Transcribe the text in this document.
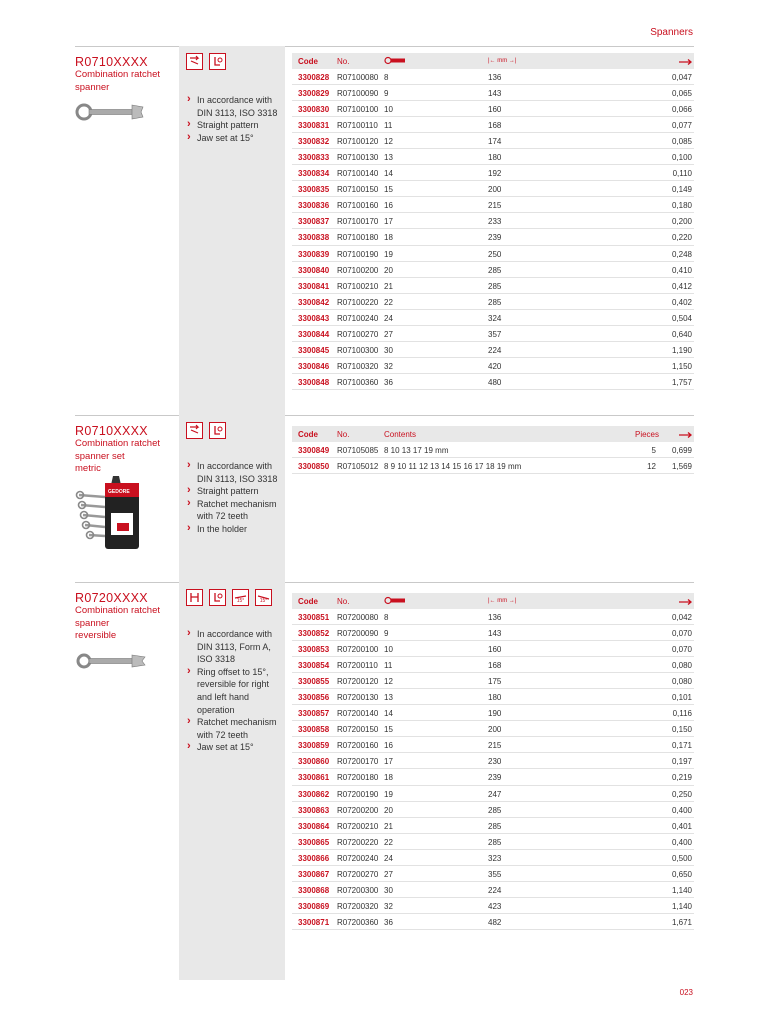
Spanners
› In accordance with DIN 3113, ISO 3318
› Straight pattern
› Jaw set at 15°
R0710XXXX
Combination ratchet
spanner
Code No.	|← mm →|
3300828 R07100080 8	136	0,047
3300829 R07100090 9	143	0,065
3300830 R07100100 10	160	0,066
3300831 R07100110 11	168	0,077
3300832 R07100120 12	174	0,085
3300833 R07100130 13	180	0,100
3300834 R07100140 14	192	0,110
3300835 R07100150 15	200	0,149
3300836 R07100160 16	215	0,180
3300837 R07100170 17	233	0,200
3300838 R07100180 18	239	0,220
3300839 R07100190 19	250	0,248
3300840 R07100200 20	285	0,410
3300841 R07100210 21	285	0,412
3300842 R07100220 22	285	0,402
3300843 R07100240 24	324	0,504
3300844 R07100270 27	357	0,640
3300845 R07100300 30	224	1,190
3300846 R07100320 32	420	1,150
3300848 R07100360 36	480	1,757
› In accordance with DIN 3113, ISO 3318
› Straight pattern
› Ratchet mechanism with 72 teeth
› In the holder
R0710XXXX
Combination ratchet
spanner set
metric
GEDORE
Code No.	Contents	Pieces
3300849 R07105085 8 10 13 17 19 mm	5 0,699
3300850 R07105012 8 9 10 11 12 13 14 15 16 17 18 19 mm	12 1,569
15°	15°
› In accordance with DIN 3113, Form A, ISO 3318
› Ring offset to 15°, reversible for right and left hand operation
› Ratchet mechanism with 72 teeth
› Jaw set at 15°
R0720XXXX
Combination ratchet
spanner
reversible
Code No.	|← mm →|
3300851 R07200080 8	136	0,042
3300852 R07200090 9	143	0,070
3300853 R07200100 10	160	0,070
3300854 R07200110 11	168	0,080
3300855 R07200120 12	175	0,080
3300856 R07200130 13	180	0,101
3300857 R07200140 14	190	0,116
3300858 R07200150 15	200	0,150
3300859 R07200160 16	215	0,171
3300860 R07200170 17	230	0,197
3300861 R07200180 18	239	0,219
3300862 R07200190 19	247	0,250
3300863 R07200200 20	285	0,400
3300864 R07200210 21	285	0,401
3300865 R07200220 22	285	0,400
3300866 R07200240 24	323	0,500
3300867 R07200270 27	355	0,650
3300868 R07200300 30	224	1,140
3300869 R07200320 32	423	1,140
3300871 R07200360 36	482	1,671
023
